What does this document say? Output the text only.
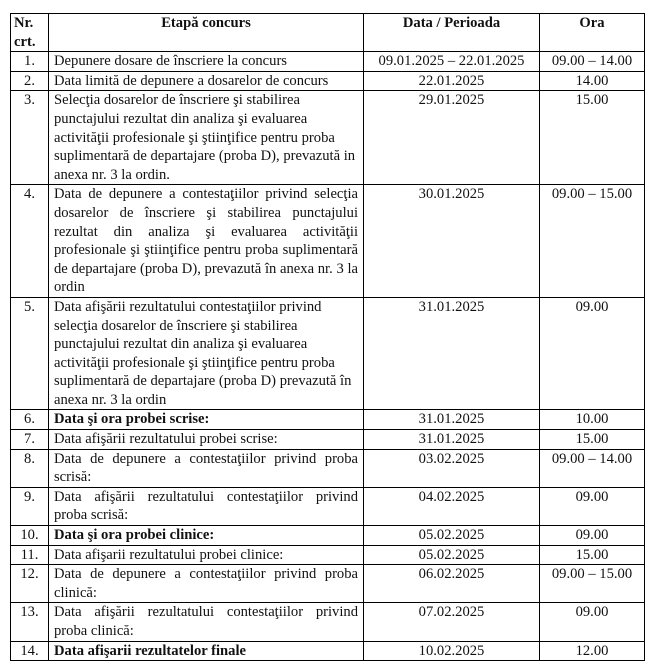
Nr.
crt.	Etapă concurs	Data / Perioada	Ora
1.	Depunere dosare de înscriere la concurs	09.01.2025 – 22.01.2025	09.00 – 14.00
2.	Data limită de depunere a dosarelor de concurs	22.01.2025	14.00
3.	Selecţia dosarelor de înscriere şi stabilirea punctajului rezultat din analiza şi evaluarea activităţii profesionale şi ştiinţifice pentru proba suplimentară de departajare (proba D), prevazută in anexa nr. 3 la ordin.	29.01.2025	15.00
4.	Data de depunere a contestaţiilor privind selecţia dosarelor de înscriere şi stabilirea punctajului rezultat din analiza şi evaluarea activităţii profesionale şi ştiinţifice pentru proba suplimentară de departajare (proba D), prevazută în anexa nr. 3 la ordin	30.01.2025	09.00 – 15.00
5.	Data afişării rezultatului contestaţiilor privind selecţia dosarelor de înscriere şi stabilirea punctajului rezultat din analiza şi evaluarea activităţii profesionale şi ştiinţifice pentru proba suplimentară de departajare (proba D) prevazută în anexa nr. 3 la ordin	31.01.2025	09.00
6.	Data şi ora probei scrise:	31.01.2025	10.00
7.	Data afişării rezultatului probei scrise:	31.01.2025	15.00
8.	Data de depunere a contestaţiilor privind proba scrisă:	03.02.2025	09.00 – 14.00
9.	Data afişării rezultatului contestaţiilor privind proba scrisă:	04.02.2025	09.00
10.	Data şi ora probei clinice:	05.02.2025	09.00
11.	Data afişarii rezultatului probei clinice:	05.02.2025	15.00
12.	Data de depunere a contestaţiilor privind proba clinică:	06.02.2025	09.00 – 15.00
13.	Data afişării rezultatului contestaţiilor privind proba clinică:	07.02.2025	09.00
14.	Data afişarii rezultatelor finale	10.02.2025	12.00
